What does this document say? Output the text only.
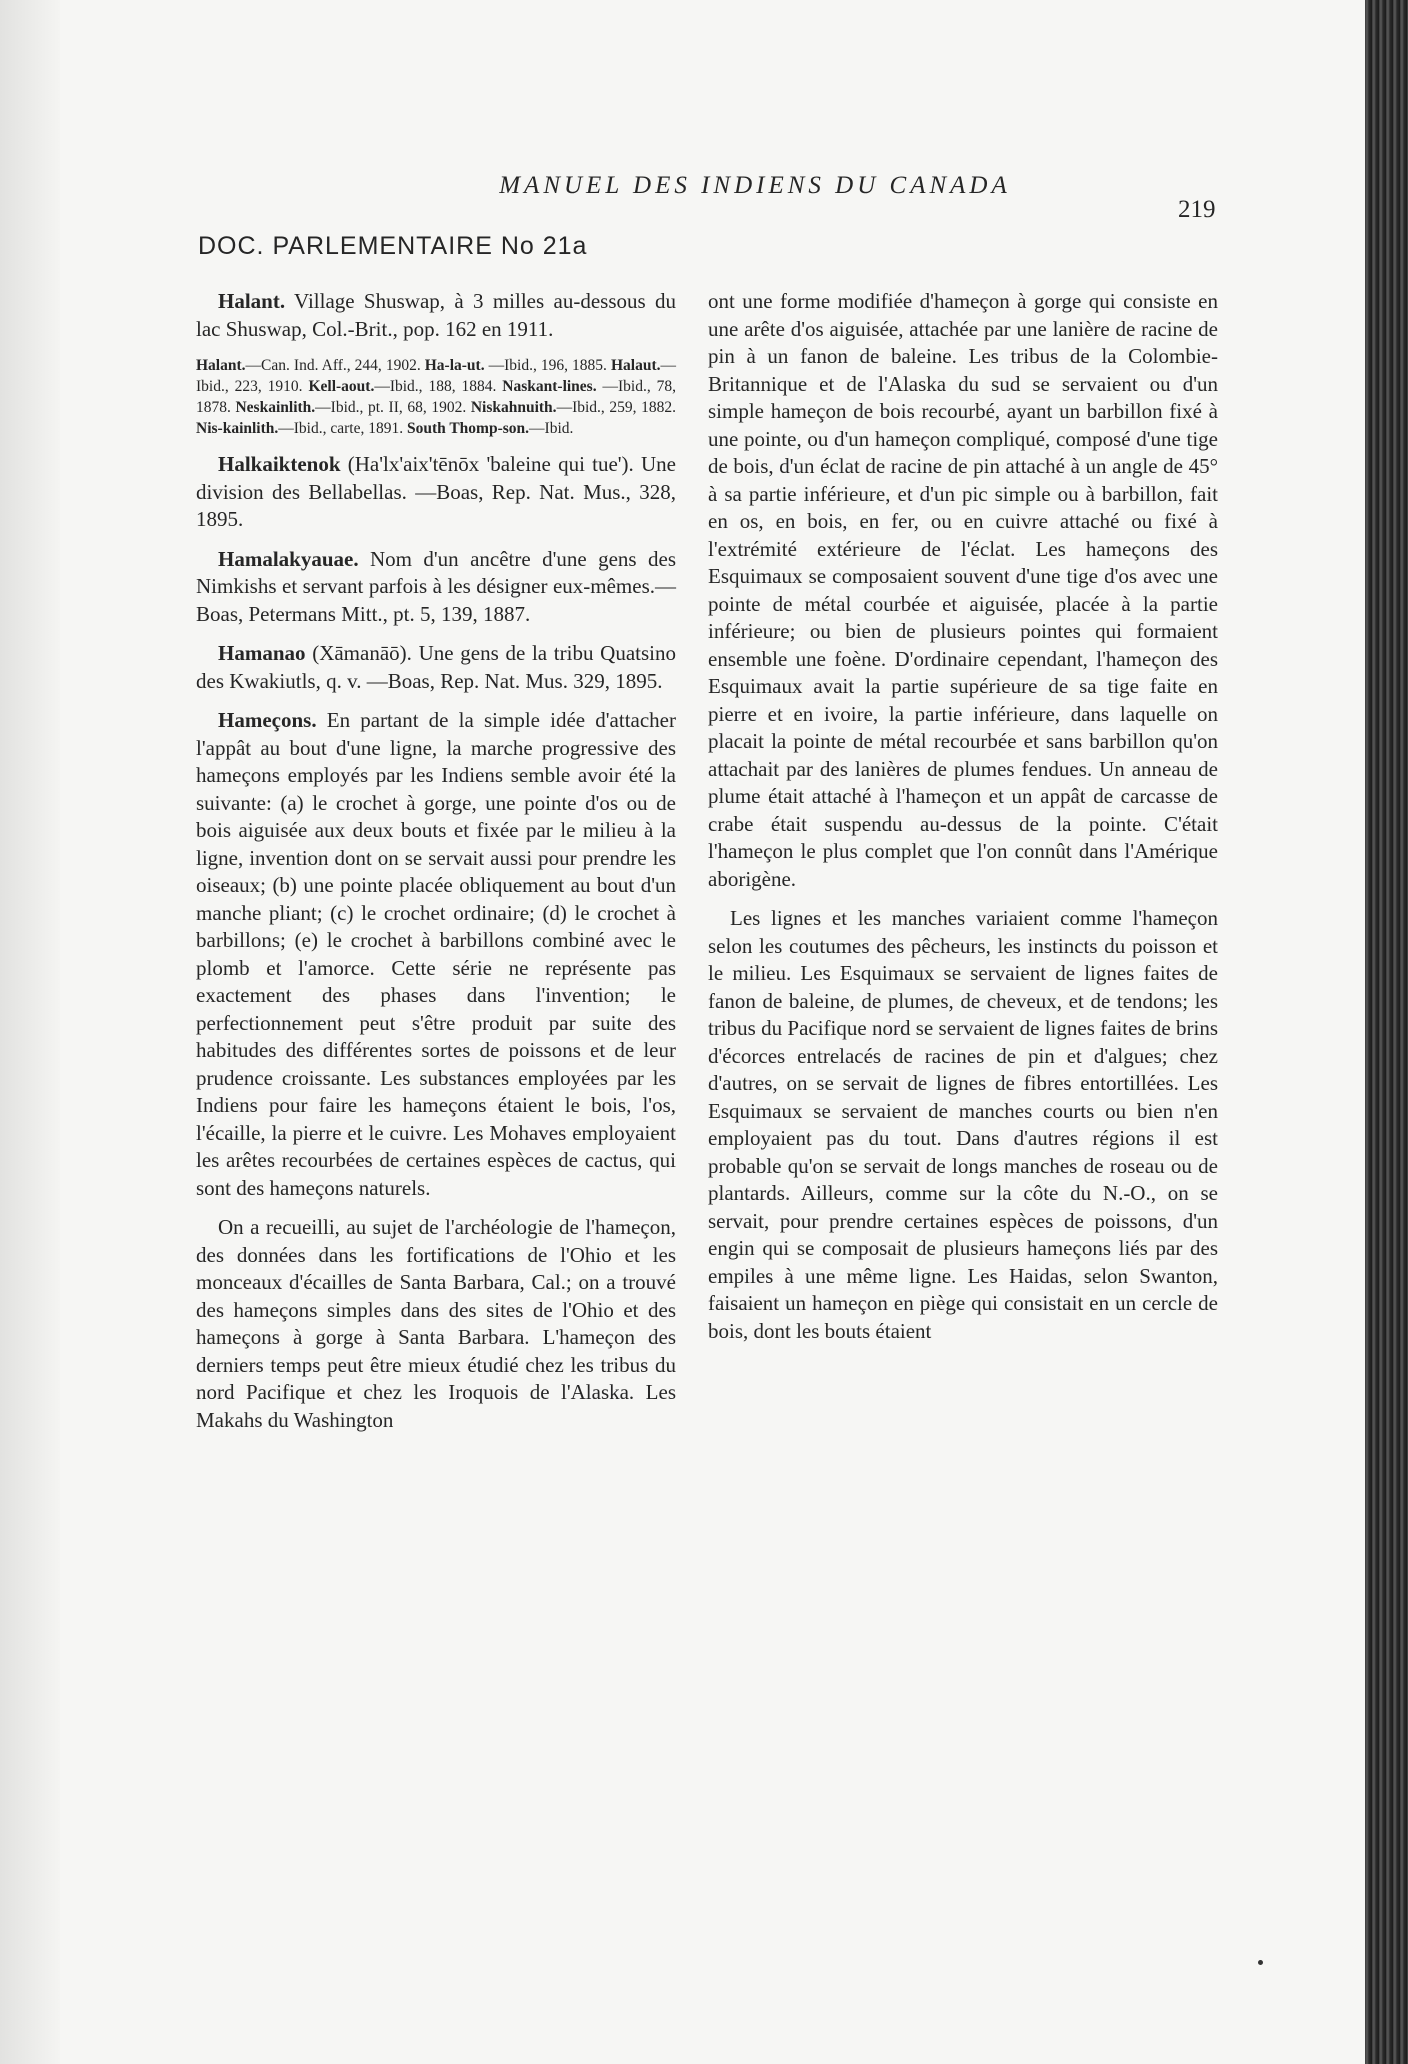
MANUEL DES INDIENS DU CANADA
219
DOC. PARLEMENTAIRE No 21a

Halant. Village Shuswap, à 3 milles au-dessous du lac Shuswap, Col.-Brit., pop. 162 en 1911.

Halant.—Can. Ind. Aff., 244, 1902. Ha-la-ut. —Ibid., 196, 1885. Halaut.—Ibid., 223, 1910. Kell-aout.—Ibid., 188, 1884. Naskant-lines. —Ibid., 78, 1878. Neskainlith.—Ibid., pt. II, 68, 1902. Niskahnuith.—Ibid., 259, 1882. Nis-kainlith.—Ibid., carte, 1891. South Thomp-son.—Ibid.

Halkaiktenok (Ha'lx'aix'tēnōx 'baleine qui tue'). Une division des Bellabellas. —Boas, Rep. Nat. Mus., 328, 1895.

Hamalakyauae. Nom d'un ancêtre d'une gens des Nimkishs et servant parfois à les désigner eux-mêmes.—Boas, Petermans Mitt., pt. 5, 139, 1887.

Hamanao (Xāmanāō). Une gens de la tribu Quatsino des Kwakiutls, q. v. —Boas, Rep. Nat. Mus. 329, 1895.

Hameçons. En partant de la simple idée d'attacher l'appât au bout d'une ligne, la marche progressive des hameçons employés par les Indiens semble avoir été la suivante: (a) le crochet à gorge, une pointe d'os ou de bois aiguisée aux deux bouts et fixée par le milieu à la ligne, invention dont on se servait aussi pour prendre les oiseaux; (b) une pointe placée obliquement au bout d'un manche pliant; (c) le crochet ordinaire; (d) le crochet à barbillons; (e) le crochet à barbillons combiné avec le plomb et l'amorce. Cette série ne représente pas exactement des phases dans l'invention; le perfectionnement peut s'être produit par suite des habitudes des différentes sortes de poissons et de leur prudence croissante. Les substances employées par les Indiens pour faire les hameçons étaient le bois, l'os, l'écaille, la pierre et le cuivre. Les Mohaves employaient les arêtes recourbées de certaines espèces de cactus, qui sont des hameçons naturels.

On a recueilli, au sujet de l'archéologie de l'hameçon, des données dans les fortifications de l'Ohio et les monceaux d'écailles de Santa Barbara, Cal.; on a trouvé des hameçons simples dans des sites de l'Ohio et des hameçons à gorge à Santa Barbara. L'hameçon des derniers temps peut être mieux étudié chez les tribus du nord Pacifique et chez les Iroquois de l'Alaska. Les Makahs du Washington

ont une forme modifiée d'hameçon à gorge qui consiste en une arête d'os aiguisée, attachée par une lanière de racine de pin à un fanon de baleine. Les tribus de la Colombie-Britannique et de l'Alaska du sud se servaient ou d'un simple hameçon de bois recourbé, ayant un barbillon fixé à une pointe, ou d'un hameçon compliqué, composé d'une tige de bois, d'un éclat de racine de pin attaché à un angle de 45° à sa partie inférieure, et d'un pic simple ou à barbillon, fait en os, en bois, en fer, ou en cuivre attaché ou fixé à l'extrémité extérieure de l'éclat. Les hameçons des Esquimaux se composaient souvent d'une tige d'os avec une pointe de métal courbée et aiguisée, placée à la partie inférieure; ou bien de plusieurs pointes qui formaient ensemble une foène. D'ordinaire cependant, l'hameçon des Esquimaux avait la partie supérieure de sa tige faite en pierre et en ivoire, la partie inférieure, dans laquelle on placait la pointe de métal recourbée et sans barbillon qu'on attachait par des lanières de plumes fendues. Un anneau de plume était attaché à l'hameçon et un appât de carcasse de crabe était suspendu au-dessus de la pointe. C'était l'hameçon le plus complet que l'on connût dans l'Amérique aborigène.

Les lignes et les manches variaient comme l'hameçon selon les coutumes des pêcheurs, les instincts du poisson et le milieu. Les Esquimaux se servaient de lignes faites de fanon de baleine, de plumes, de cheveux, et de tendons; les tribus du Pacifique nord se servaient de lignes faites de brins d'écorces entrelacés de racines de pin et d'algues; chez d'autres, on se servait de lignes de fibres entortillées. Les Esquimaux se servaient de manches courts ou bien n'en employaient pas du tout. Dans d'autres régions il est probable qu'on se servait de longs manches de roseau ou de plantards. Ailleurs, comme sur la côte du N.-O., on se servait, pour prendre certaines espèces de poissons, d'un engin qui se composait de plusieurs hameçons liés par des empiles à une même ligne. Les Haidas, selon Swanton, faisaient un hameçon en piège qui consistait en un cercle de bois, dont les bouts étaient
